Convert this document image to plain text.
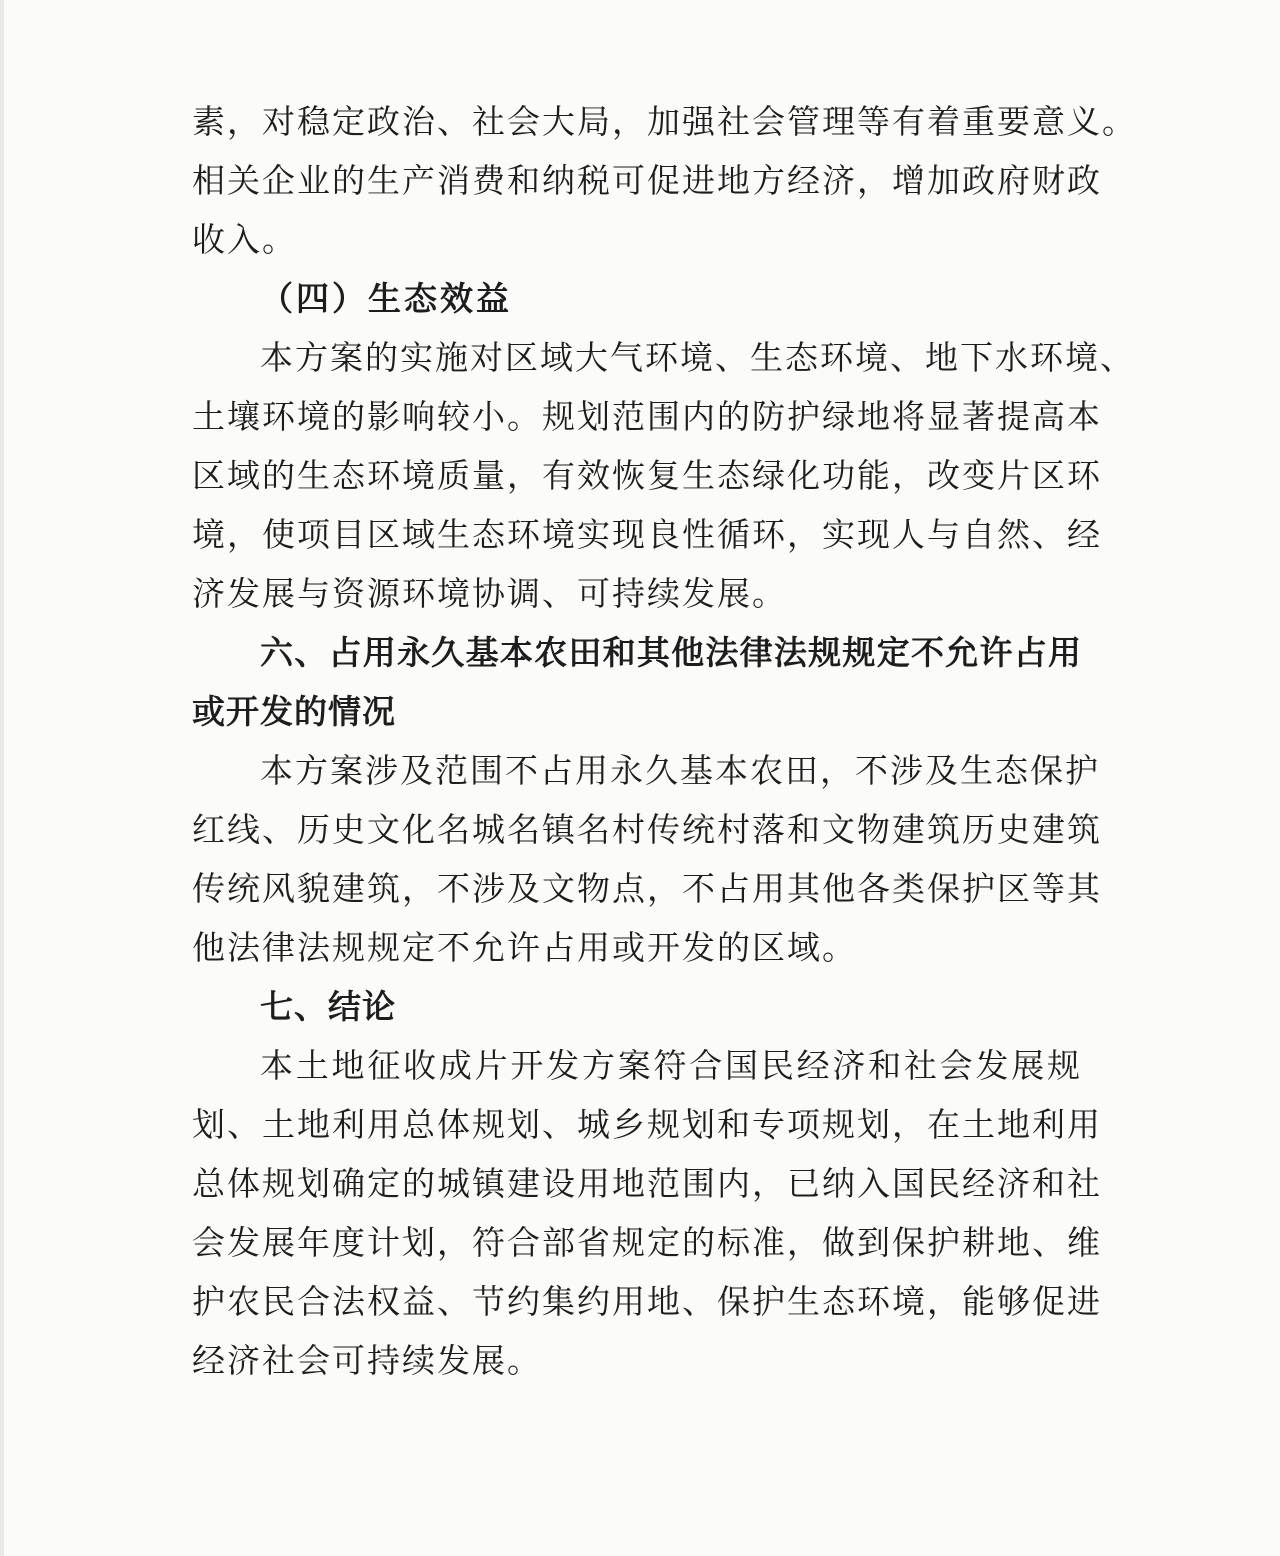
素，对稳定政治、社会大局，加强社会管理等有着重要意义。
相关企业的生产消费和纳税可促进地方经济，增加政府财政
收入。
（四）生态效益
本方案的实施对区域大气环境、生态环境、地下水环境、
土壤环境的影响较小。规划范围内的防护绿地将显著提高本
区域的生态环境质量，有效恢复生态绿化功能，改变片区环
境，使项目区域生态环境实现良性循环，实现人与自然、经
济发展与资源环境协调、可持续发展。
六、占用永久基本农田和其他法律法规规定不允许占用
或开发的情况
本方案涉及范围不占用永久基本农田，不涉及生态保护
红线、历史文化名城名镇名村传统村落和文物建筑历史建筑
传统风貌建筑，不涉及文物点，不占用其他各类保护区等其
他法律法规规定不允许占用或开发的区域。
七、结论
本土地征收成片开发方案符合国民经济和社会发展规
划、土地利用总体规划、城乡规划和专项规划，在土地利用
总体规划确定的城镇建设用地范围内，已纳入国民经济和社
会发展年度计划，符合部省规定的标准，做到保护耕地、维
护农民合法权益、节约集约用地、保护生态环境，能够促进
经济社会可持续发展。
